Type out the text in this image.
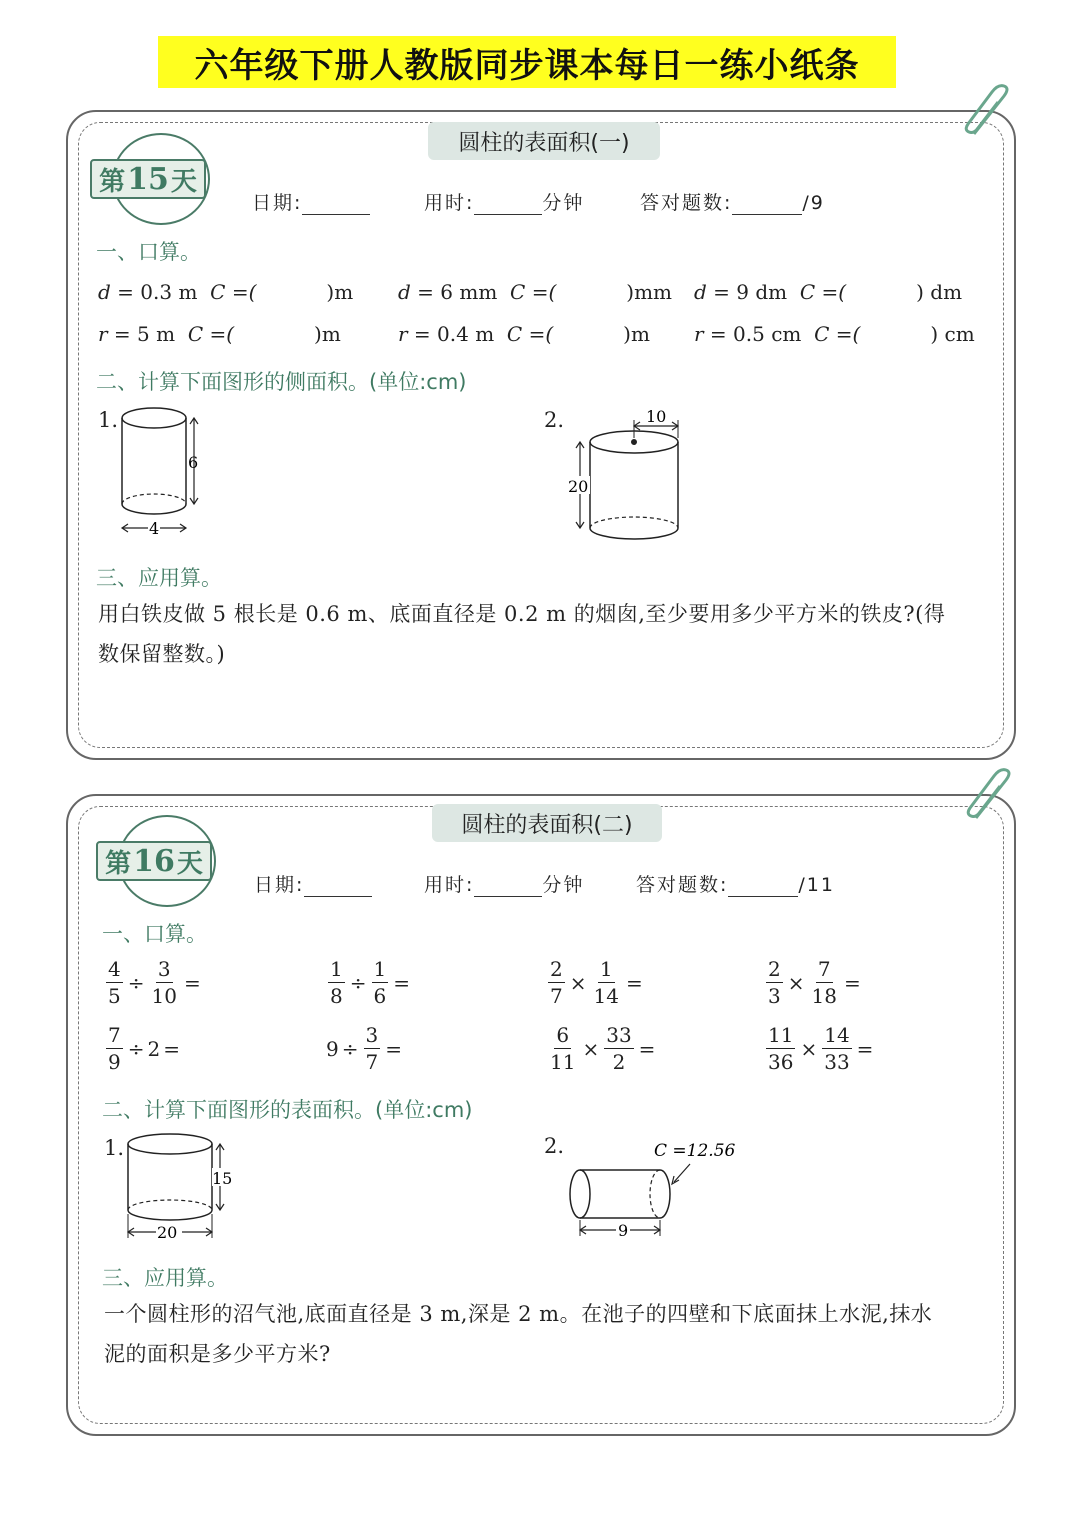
六年级下册人教版同步课本每日一练小纸条
圆柱的表面积(一)
第 15 天
日期:	用时:	分钟	答对题数:	/9
一、口算。
d = 0.3 m C =(	)m d = 6 mm C =(	)mm d = 9 dm C =(	) dm
r = 5 m C =(	)m	r = 0.4 m C =(	)m r = 0.5 cm C =(	) cm
二、计算下面图形的侧面积。(单位:cm)
1.
6
4
2.	10
20
三、应用算。
用白铁皮做 5 根长是 0.6 m、底面直径是 0.2 m 的烟囱,至少要用多少平方米的铁皮?(得
数保留整数。)
圆柱的表面积(二)
第 16 天
日期:	用时:	分钟	答对题数:	/11
一、口算。
$\frac{4}{5} \div \frac{3}{10}$ =	$\frac{1}{8} \div \frac{1}{6}$ =	$\frac{2}{7} \times \frac{1}{14}$ =	$\frac{2}{3} \times \frac{7}{18}$ =
$\frac{7}{9} \div 2$ =	$9 \div \frac{3}{7}$ =	$\frac{6}{11} \times \frac{33}{2}$ =	$\frac{11}{36} \times \frac{14}{33}$ =
二、计算下面图形的表面积。(单位:cm)
1.
15
20
2.	C =12.56
9
三、应用算。
一个圆柱形的沼气池,底面直径是 3 m,深是 2 m。在池子的四壁和下底面抹上水泥,抹水
泥的面积是多少平方米?
